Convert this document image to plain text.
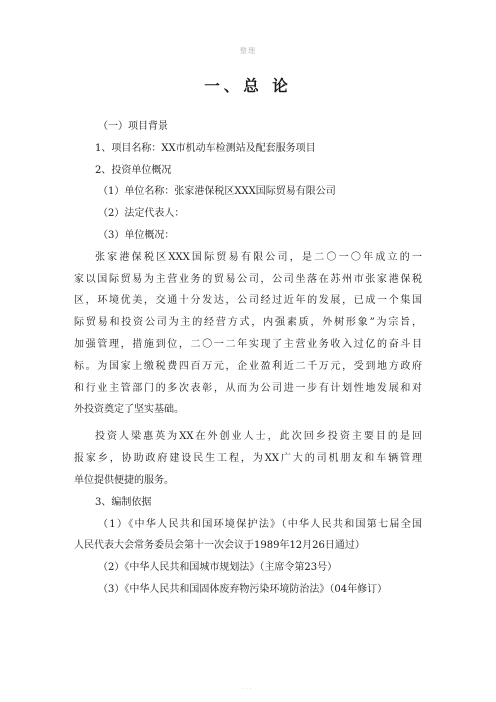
整理
一、总 论
（一）项目背景
1、项目名称：XX市机动车检测站及配套服务项目
2、投资单位概况
（1）单位名称：张家港保税区XXX国际贸易有限公司
（2）法定代表人：
（3）单位概况：
张家港保税区XXX国际贸易有限公司，是二〇一〇年成立的一
家以国际贸易为主营业务的贸易公司，公司坐落在苏州市张家港保税
区，环境优美，交通十分发达，公司经过近年的发展，已成一个集国
际贸易和投资公司为主的经营方式，内强素质，外树形象”为宗旨，
加强管理，措施到位，二〇一二年实现了主营业务收入过亿的奋斗目
标。为国家上缴税费四百万元，企业盈利近二千万元，受到地方政府
和行业主管部门的多次表彰，从而为公司进一步有计划性地发展和对
外投资奠定了坚实基础。
投资人梁惠英为XX在外创业人士，此次回乡投资主要目的是回
报家乡，协助政府建设民生工程，为XX广大的司机朋友和车辆管理
单位提供便捷的服务。
3、编制依据
（1）《中华人民共和国环境保护法》（中华人民共和国第七届全国
人民代表大会常务委员会第十一次会议于1989年12月26日通过）
（2）《中华人民共和国城市规划法》（主席令第23号）
（3）《中华人民共和国固体废弃物污染环境防治法》（04年修订）
· · ·
